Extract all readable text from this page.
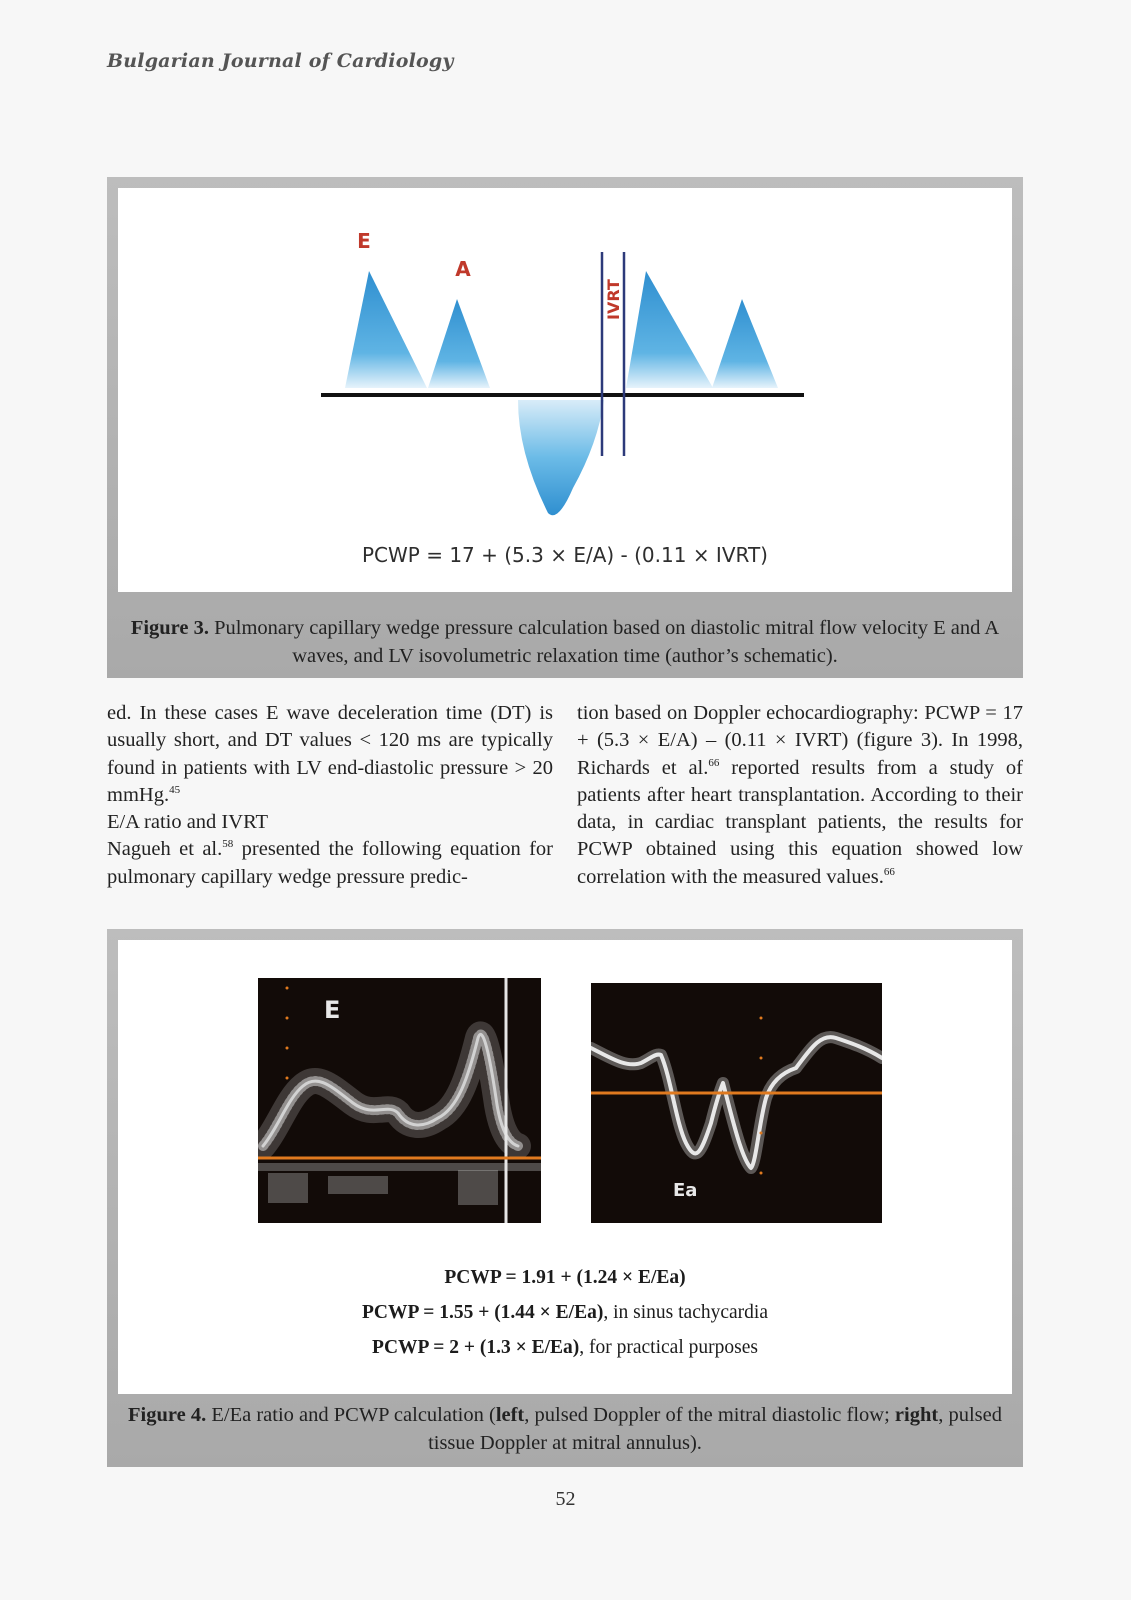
Bulgarian Journal of Cardiology
E
A
IVRT
PCWP = 17 + (5.3 × E/A) - (0.11 × IVRT)
Figure 3. Pulmonary capillary wedge pressure calculation based on diastolic mitral flow velocity E and A waves, and LV isovolumetric relaxation time (author’s schematic).

ed. In these cases E wave deceleration time (DT) is usually short, and DT values < 120 ms are typically found in patients with LV end-diastolic pressure > 20 mmHg.$^{45}$

E/A ratio and IVRT

Nagueh et al.$^{58}$ presented the following equation for pulmonary capillary wedge pressure predic-

tion based on Doppler echocardiography: PCWP = 17 + (5.3 × E/A) – (0.11 × IVRT) (figure 3). In 1998, Richards et al.$^{66}$ reported results from a study of patients after heart transplantation. According to their data, in cardiac transplant patients, the results for PCWP obtained using this equation showed low correlation with the measured values.$^{66}$

E
Ea
PCWP = 1.91 + (1.24 × E/Ea)
PCWP = 1.55 + (1.44 × E/Ea), in sinus tachycardia
PCWP = 2 + (1.3 × E/Ea), for practical purposes
Figure 4. E/Ea ratio and PCWP calculation (left, pulsed Doppler of the mitral diastolic flow; right, pulsed tissue Doppler at mitral annulus).
52
